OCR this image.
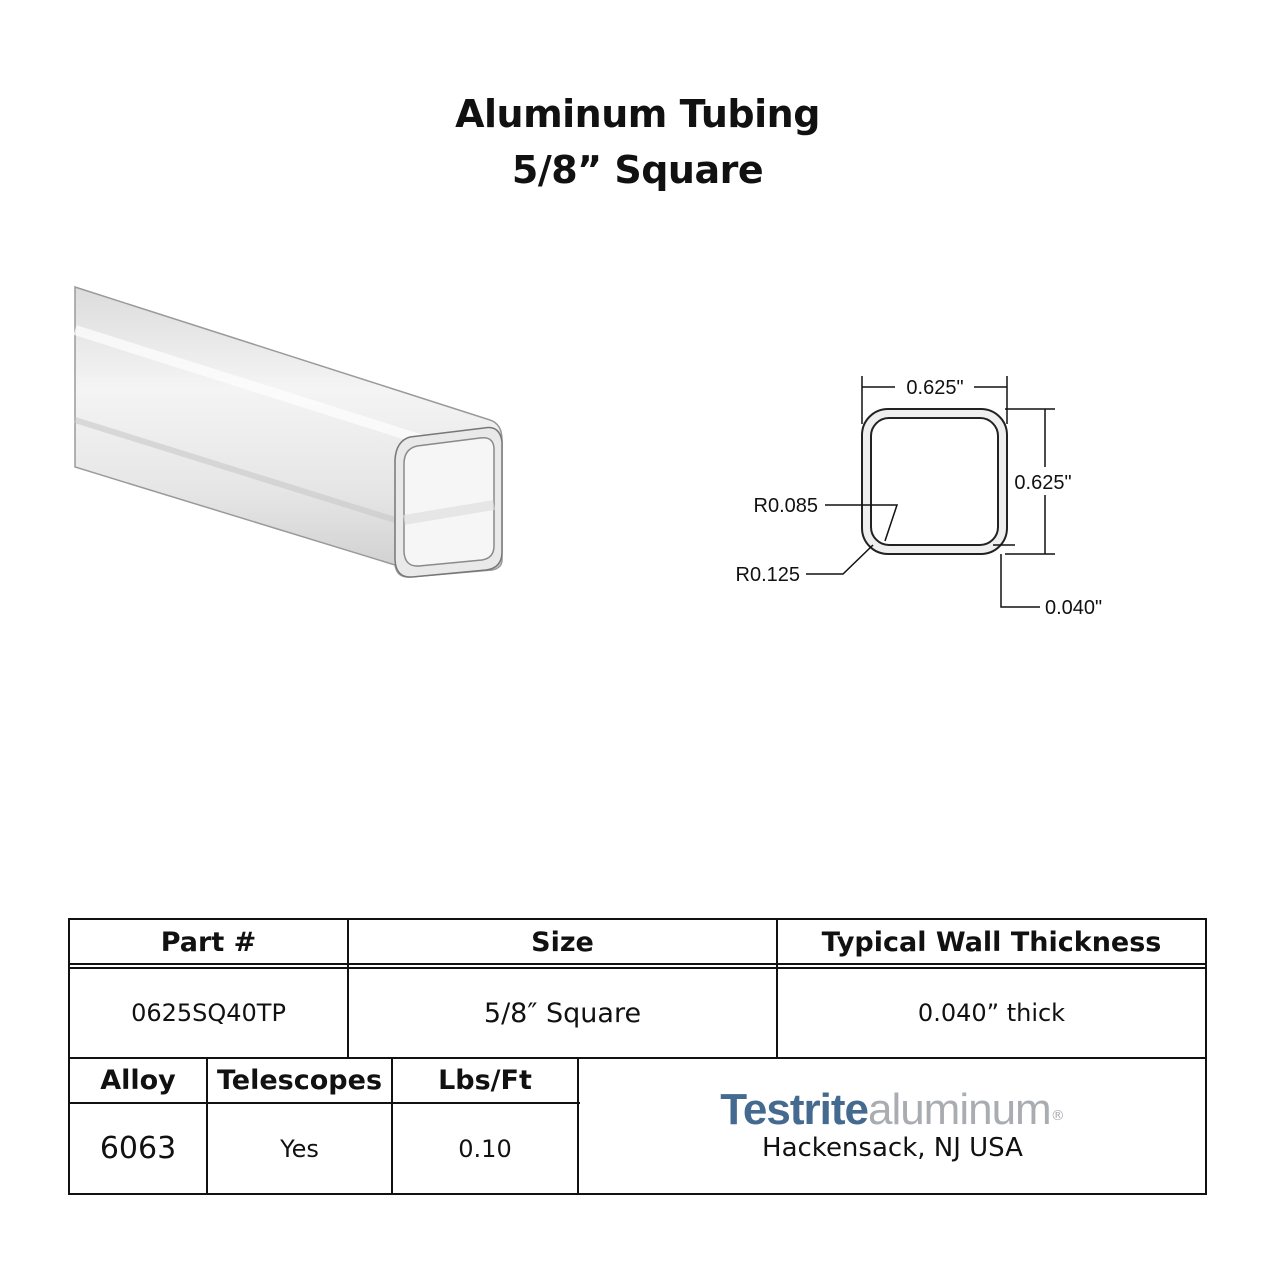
Aluminum Tubing
5/8” Square
0.625"
0.625"
R0.085
R0.125
0.040"
Part #	Size	Typical Wall Thickness
0625SQ40TP	5/8″ Square	0.040” thick
Alloy	Telescopes	Lbs/Ft
6063	Yes	0.10
Testritealuminum®
Hackensack, NJ USA
